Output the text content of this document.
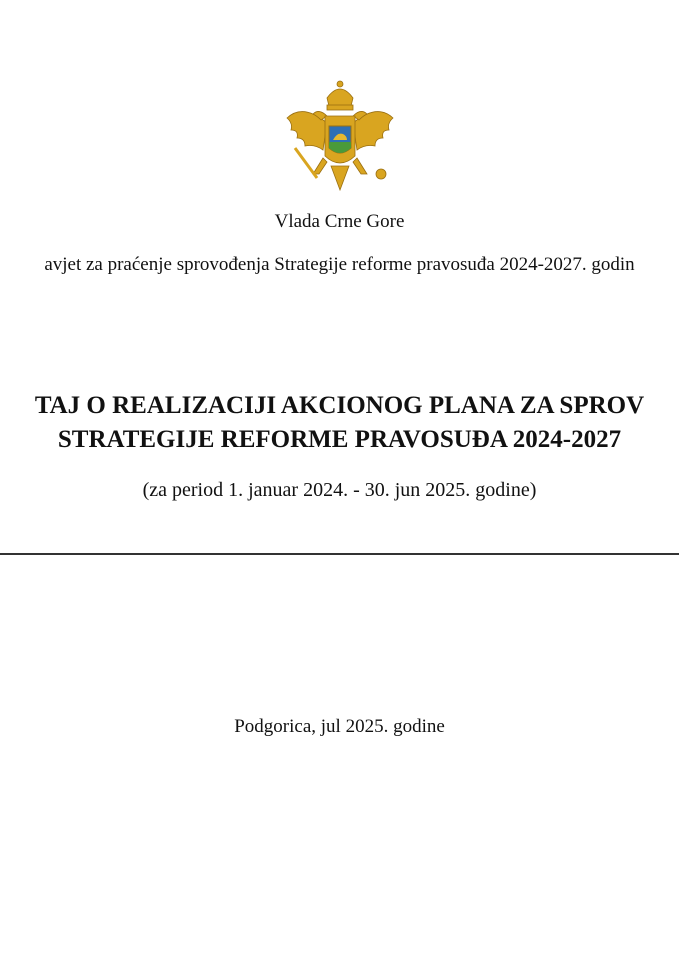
Vlada Crne Gore
avjet za praćenje sprovođenja Strategije reforme pravosuđa 2024-2027. godin
TAJ O REALIZACIJI AKCIONOG PLANA ZA SPROV
STRATEGIJE REFORME PRAVOSUĐA 2024-2027
(za period 1. januar 2024. - 30. jun 2025. godine)
Podgorica, jul 2025. godine
